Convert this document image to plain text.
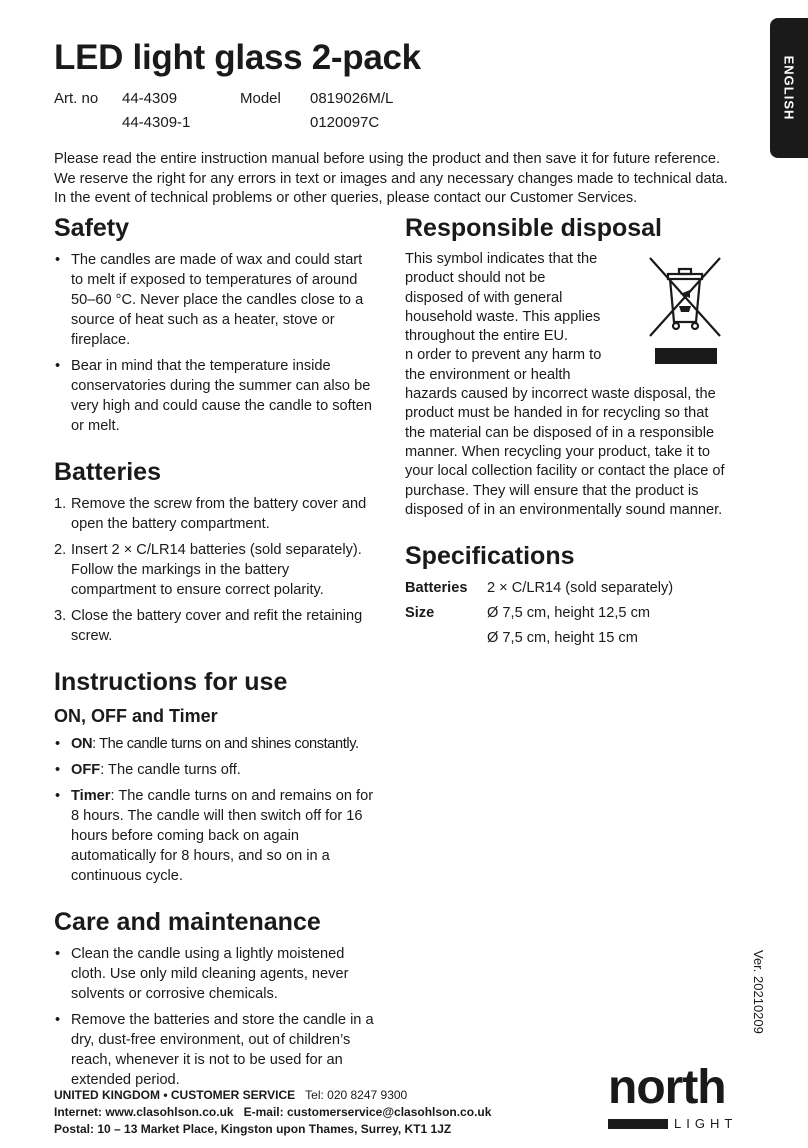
ENGLISH
LED light glass 2-pack
Art. no 44-4309	Model 0819026M/L
44-4309-1	0120097C

Please read the entire instruction manual before using the product and then save it for future reference. We reserve the right for any errors in text or images and any necessary changes made to technical data. In the event of technical problems or other queries, please contact our Customer Services.

Safety
• The candles are made of wax and could start to melt if exposed to temperatures of around 50–60 °C. Never place the candles close to a source of heat such as a heater, stove or fireplace.
• Bear in mind that the temperature inside conservatories during the summer can also be very high and could cause the candle to soften or melt.
Batteries
1. Remove the screw from the battery cover and open the battery compartment.
2. Insert 2 × C/LR14 batteries (sold separately). Follow the markings in the battery compartment to ensure correct polarity.
3. Close the battery cover and refit the retaining screw.
Instructions for use
ON, OFF and Timer
• ON: The candle turns on and shines constantly.
• OFF: The candle turns off.
• Timer: The candle turns on and remains on for 8 hours. The candle will then switch off for 16 hours before coming back on again automatically for 8 hours, and so on in a continuous cycle.
Care and maintenance
• Clean the candle using a lightly moistened cloth. Use only mild cleaning agents, never solvents or corrosive chemicals.
• Remove the batteries and store the candle in a dry, dust-free environment, out of children’s reach, whenever it is not to be used for an extended period.
Responsible disposal

This symbol indicates that the product should not be disposed of with general household waste. This applies throughout the entire EU.

n order to prevent any harm to the environment or health

hazards caused by incorrect waste disposal, the product must be handed in for recycling so that the material can be disposed of in a responsible manner. When recycling your product, take it to your local collection facility or contact the place of purchase. They will ensure that the product is disposed of in an environmentally sound manner.

Specifications
Batteries 2 × C/LR14 (sold separately)
Size	Ø 7,5 cm, height 12,5 cm
Ø 7,5 cm, height 15 cm
Ver. 20210209
UNITED KINGDOM • CUSTOMER SERVICE Tel: 020 8247 9300
Internet: www.clasohlson.co.uk E-mail: customerservice@clasohlson.co.uk
Postal: 10 – 13 Market Place, Kingston upon Thames, Surrey, KT1 1JZ
north
LIGHT
